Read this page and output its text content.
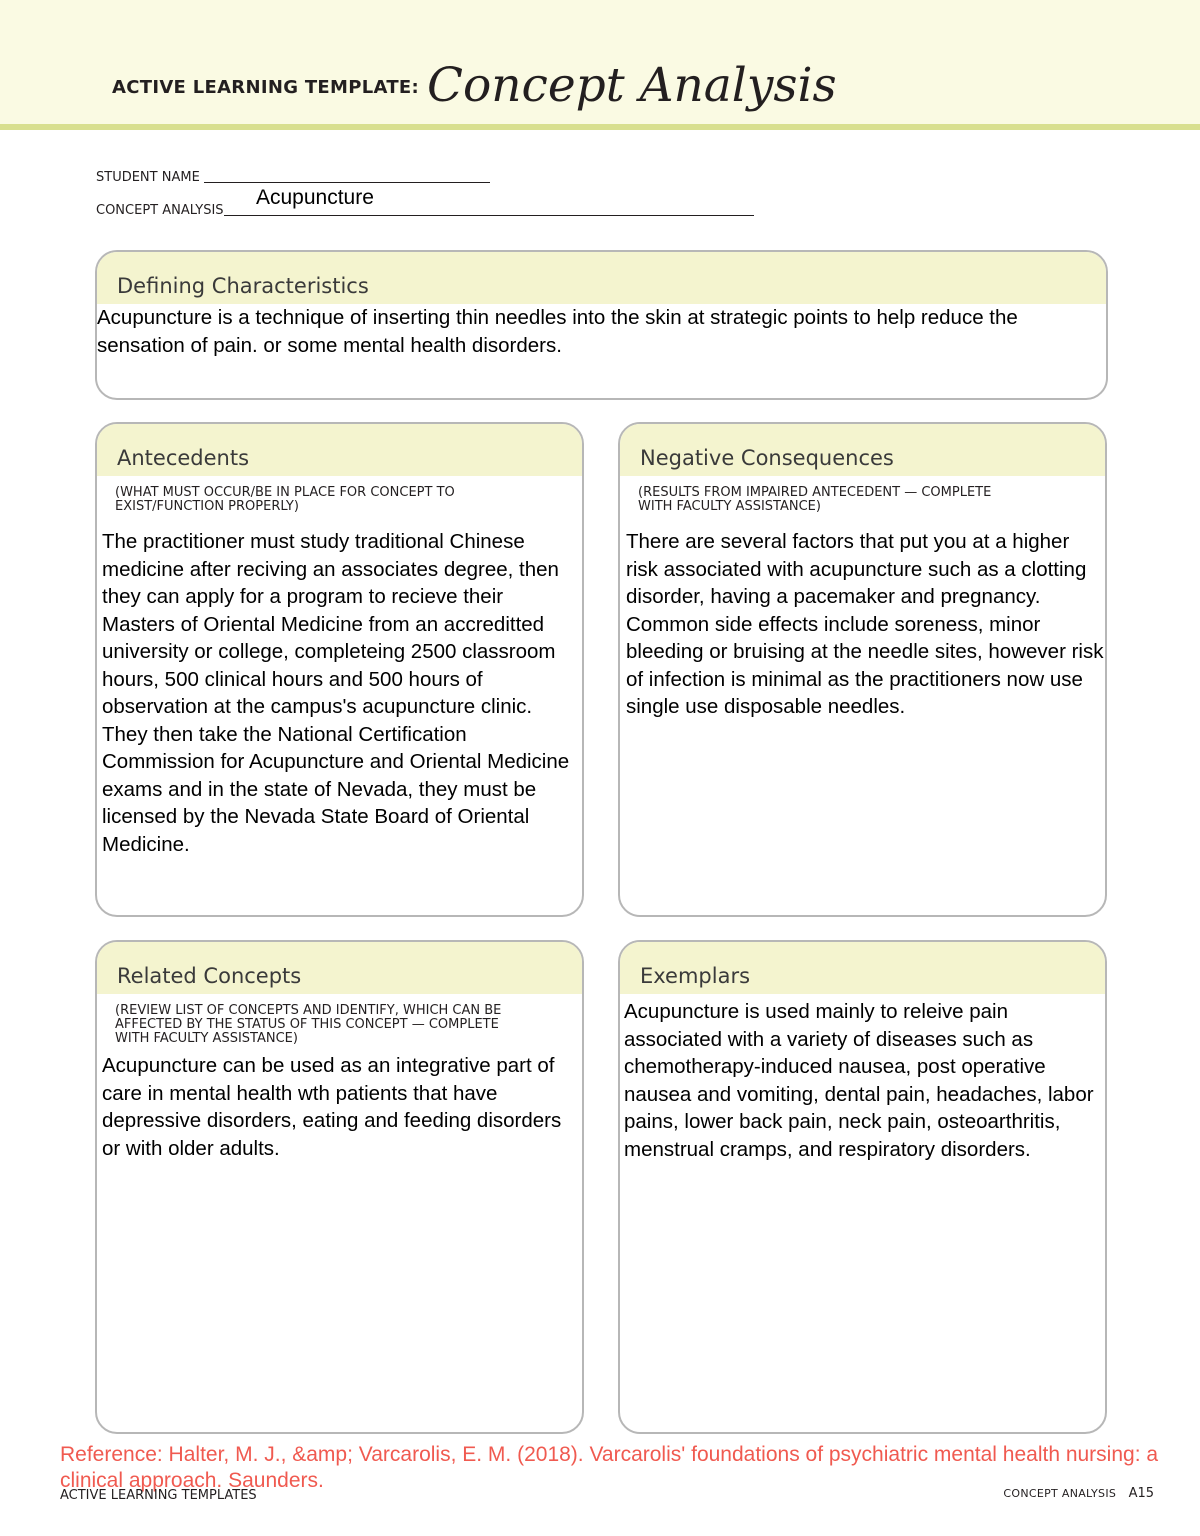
ACTIVE LEARNING TEMPLATE: Concept Analysis
STUDENT NAME
CONCEPT ANALYSIS
Acupuncture
Defining Characteristics
Acupuncture is a technique of inserting thin needles into the skin at strategic points to help reduce the sensation of pain. or some mental health disorders.
Antecedents
(WHAT MUST OCCUR/BE IN PLACE FOR CONCEPT TO EXIST/FUNCTION PROPERLY)
The practitioner must study traditional Chinese medicine after reciving an associates degree, then they can apply for a program to recieve their Masters of Oriental Medicine from an accreditted university or college, completeing 2500 classroom hours, 500 clinical hours and 500 hours of observation at the campus's acupuncture clinic. They then take the National Certification Commission for Acupuncture and Oriental Medicine exams and in the state of Nevada, they must be licensed by the Nevada State Board of Oriental Medicine.
Negative Consequences
(RESULTS FROM IMPAIRED ANTECEDENT — COMPLETE WITH FACULTY ASSISTANCE)
There are several factors that put you at a higher risk associated with acupuncture such as a clotting disorder, having a pacemaker and pregnancy. Common side effects include soreness, minor bleeding or bruising at the needle sites, however risk of infection is minimal as the practitioners now use single use disposable needles.
Related Concepts
(REVIEW LIST OF CONCEPTS AND IDENTIFY, WHICH CAN BE AFFECTED BY THE STATUS OF THIS CONCEPT — COMPLETE WITH FACULTY ASSISTANCE)
Acupuncture can be used as an integrative part of care in mental health wth patients that have depressive disorders, eating and feeding disorders or with older adults.
Exemplars
Acupuncture is used mainly to releive pain associated with a variety of diseases such as chemotherapy-induced nausea, post operative nausea and vomiting, dental pain, headaches, labor pains, lower back pain, neck pain, osteoarthritis, menstrual cramps, and respiratory disorders.
Reference: Halter, M. J., &amp; Varcarolis, E. M. (2018). Varcarolis' foundations of psychiatric mental health nursing: a clinical approach. Saunders.
ACTIVE LEARNING TEMPLATES	CONCEPT ANALYSIS A15
